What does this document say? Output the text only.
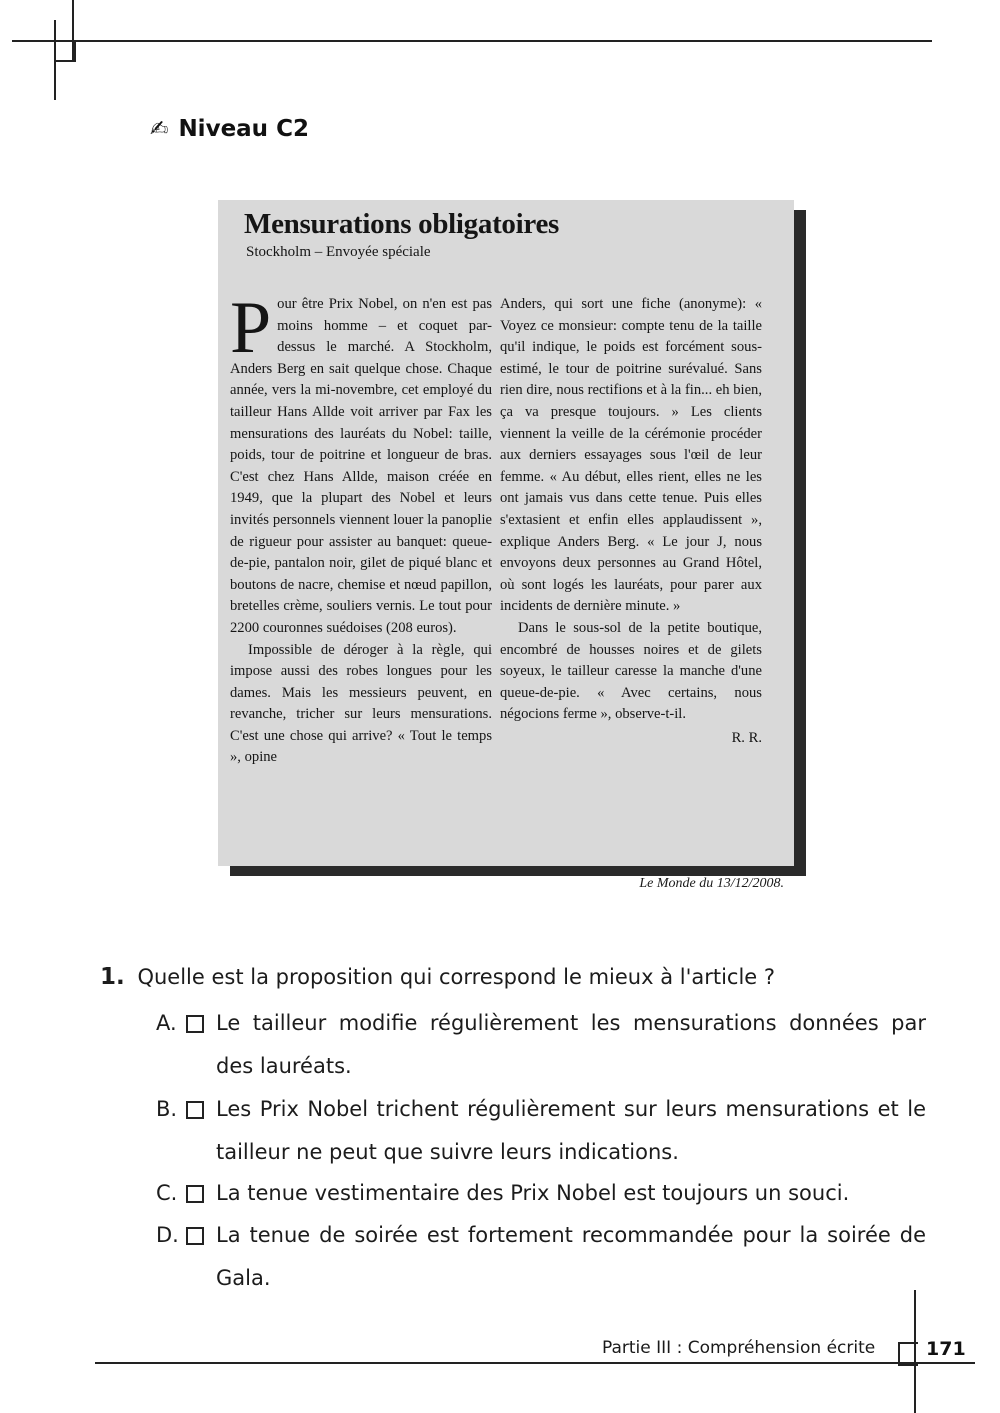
✍ Niveau C2
Mensurations obligatoires
Stockholm – Envoyée spéciale

Pour être Prix Nobel, on n'en est pas moins homme – et coquet par-dessus le marché. A Stockholm, Anders Berg en sait quelque chose. Chaque année, vers la mi-novembre, cet employé du tailleur Hans Allde voit arriver par Fax les mensurations des lauréats du Nobel: taille, poids, tour de poitrine et longueur de bras. C'est chez Hans Allde, maison créée en 1949, que la plupart des Nobel et leurs invités personnels viennent louer la panoplie de rigueur pour assister au banquet: queue-de-pie, pantalon noir, gilet de piqué blanc et boutons de nacre, chemise et nœud papillon, bretelles crème, souliers vernis. Le tout pour 2200 couronnes suédoises (208 euros).

Impossible de déroger à la règle, qui impose aussi des robes longues pour les dames. Mais les messieurs peuvent, en revanche, tricher sur leurs mensurations. C'est une chose qui arrive? « Tout le temps », opine

Anders, qui sort une fiche (anonyme): « Voyez ce monsieur: compte tenu de la taille qu'il indique, le poids est forcément sous-estimé, le tour de poitrine surévalué. Sans rien dire, nous rectifions et à la fin... eh bien, ça va presque toujours. » Les clients viennent la veille de la cérémonie procéder aux derniers essayages sous l'œil de leur femme. « Au début, elles rient, elles ne les ont jamais vus dans cette tenue. Puis elles s'extasient et enfin elles applaudissent », explique Anders Berg. « Le jour J, nous envoyons deux personnes au Grand Hôtel, où sont logés les lauréats, pour parer aux incidents de dernière minute. »

Dans le sous-sol de la petite boutique, encombré de housses noires et de gilets soyeux, le tailleur caresse la manche d'une queue-de-pie. « Avec certains, nous négocions ferme », observe-t-il.

R. R.

Le Monde du 13/12/2008.
1. Quelle est la proposition qui correspond le mieux à l'article ?
A.	Le tailleur modifie régulièrement les mensurations données par des lauréats.
B.	Les Prix Nobel trichent régulièrement sur leurs mensurations et le tailleur ne peut que suivre leurs indications.
C.	La tenue vestimentaire des Prix Nobel est toujours un souci.
D. La tenue de soirée est fortement recommandée pour la soirée de Gala.
Partie III : Compréhension écrite	171
